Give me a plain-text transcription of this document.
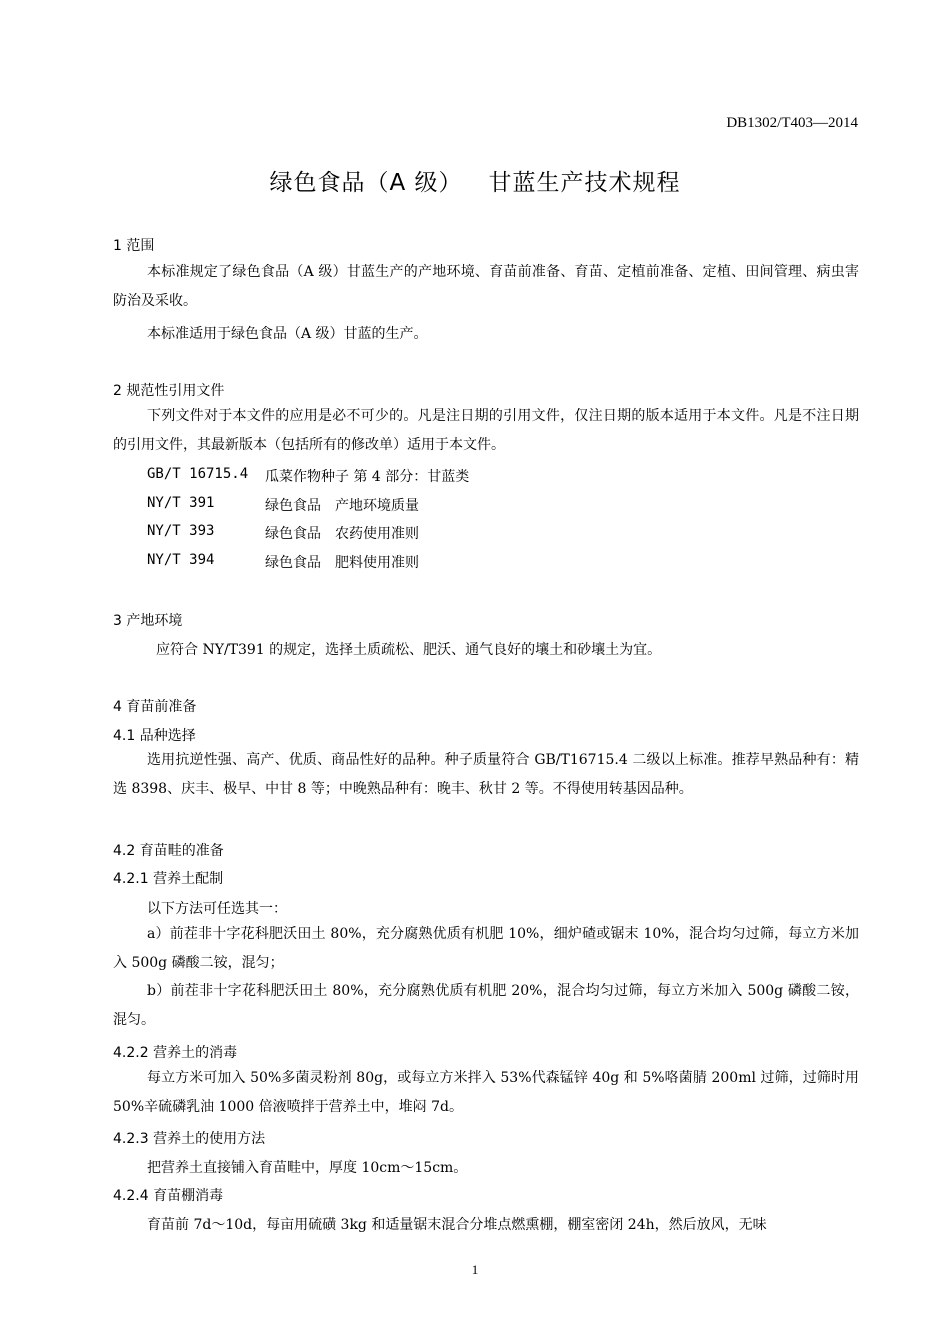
DB1302/T403—2014
绿色食品（A 级） 甘蓝生产技术规程
1 范围
本标准规定了绿色食品（A 级）甘蓝生产的产地环境、育苗前准备、育苗、定植前准备、定植、田间管理、病虫害防治及采收。
本标准适用于绿色食品（A 级）甘蓝的生产。
2 规范性引用文件
下列文件对于本文件的应用是必不可少的。凡是注日期的引用文件，仅注日期的版本适用于本文件。凡是不注日期的引用文件，其最新版本（包括所有的修改单）适用于本文件。
GB/T 16715.4 瓜菜作物种子 第 4 部分：甘蓝类
NY/T 391	绿色食品　产地环境质量
NY/T 393	绿色食品　农药使用准则
NY/T 394	绿色食品　肥料使用准则
3 产地环境
应符合 NY/T391 的规定，选择土质疏松、肥沃、通气良好的壤土和砂壤土为宜。
4 育苗前准备
4.1 品种选择
选用抗逆性强、高产、优质、商品性好的品种。种子质量符合 GB/T16715.4 二级以上标准。推荐早熟品种有：精选 8398、庆丰、极早、中甘 8 等；中晚熟品种有：晚丰、秋甘 2 等。不得使用转基因品种。
4.2 育苗畦的准备
4.2.1 营养土配制
以下方法可任选其一：
a）前茬非十字花科肥沃田土 80%，充分腐熟优质有机肥 10%，细炉碴或锯末 10%，混合均匀过筛，每立方米加入 500g 磷酸二铵，混匀；
b）前茬非十字花科肥沃田土 80%，充分腐熟优质有机肥 20%，混合均匀过筛，每立方米加入 500g 磷酸二铵，混匀。
4.2.2 营养土的消毒
每立方米可加入 50%多菌灵粉剂 80g，或每立方米拌入 53%代森锰锌 40g 和 5%咯菌腈 200ml 过筛，过筛时用 50%辛硫磷乳油 1000 倍液喷拌于营养土中，堆闷 7d。
4.2.3 营养土的使用方法
把营养土直接铺入育苗畦中，厚度 10cm～15cm。
4.2.4 育苗棚消毒
育苗前 7d～10d，每亩用硫磺 3kg 和适量锯末混合分堆点燃熏棚，棚室密闭 24h，然后放风，无味
1
